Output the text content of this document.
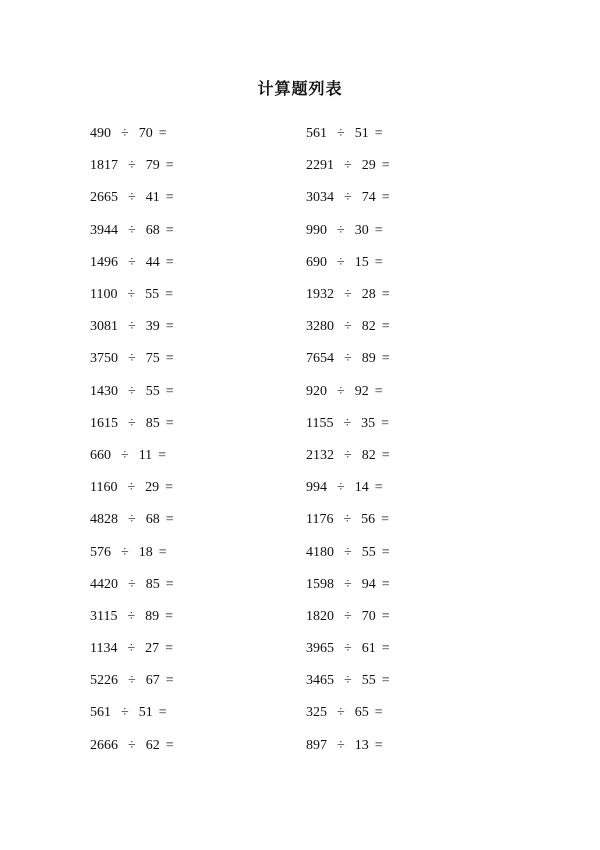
计算题列表
490 ÷ 70 =
1817 ÷ 79 =
2665 ÷ 41 =
3944 ÷ 68 =
1496 ÷ 44 =
1100 ÷ 55 =
3081 ÷ 39 =
3750 ÷ 75 =
1430 ÷ 55 =
1615 ÷ 85 =
660 ÷ 11 =
1160 ÷ 29 =
4828 ÷ 68 =
576 ÷ 18 =
4420 ÷ 85 =
3115 ÷ 89 =
1134 ÷ 27 =
5226 ÷ 67 =
561 ÷ 51 =
2666 ÷ 62 =
561 ÷ 51 =
2291 ÷ 29 =
3034 ÷ 74 =
990 ÷ 30 =
690 ÷ 15 =
1932 ÷ 28 =
3280 ÷ 82 =
7654 ÷ 89 =
920 ÷ 92 =
1155 ÷ 35 =
2132 ÷ 82 =
994 ÷ 14 =
1176 ÷ 56 =
4180 ÷ 55 =
1598 ÷ 94 =
1820 ÷ 70 =
3965 ÷ 61 =
3465 ÷ 55 =
325 ÷ 65 =
897 ÷ 13 =
